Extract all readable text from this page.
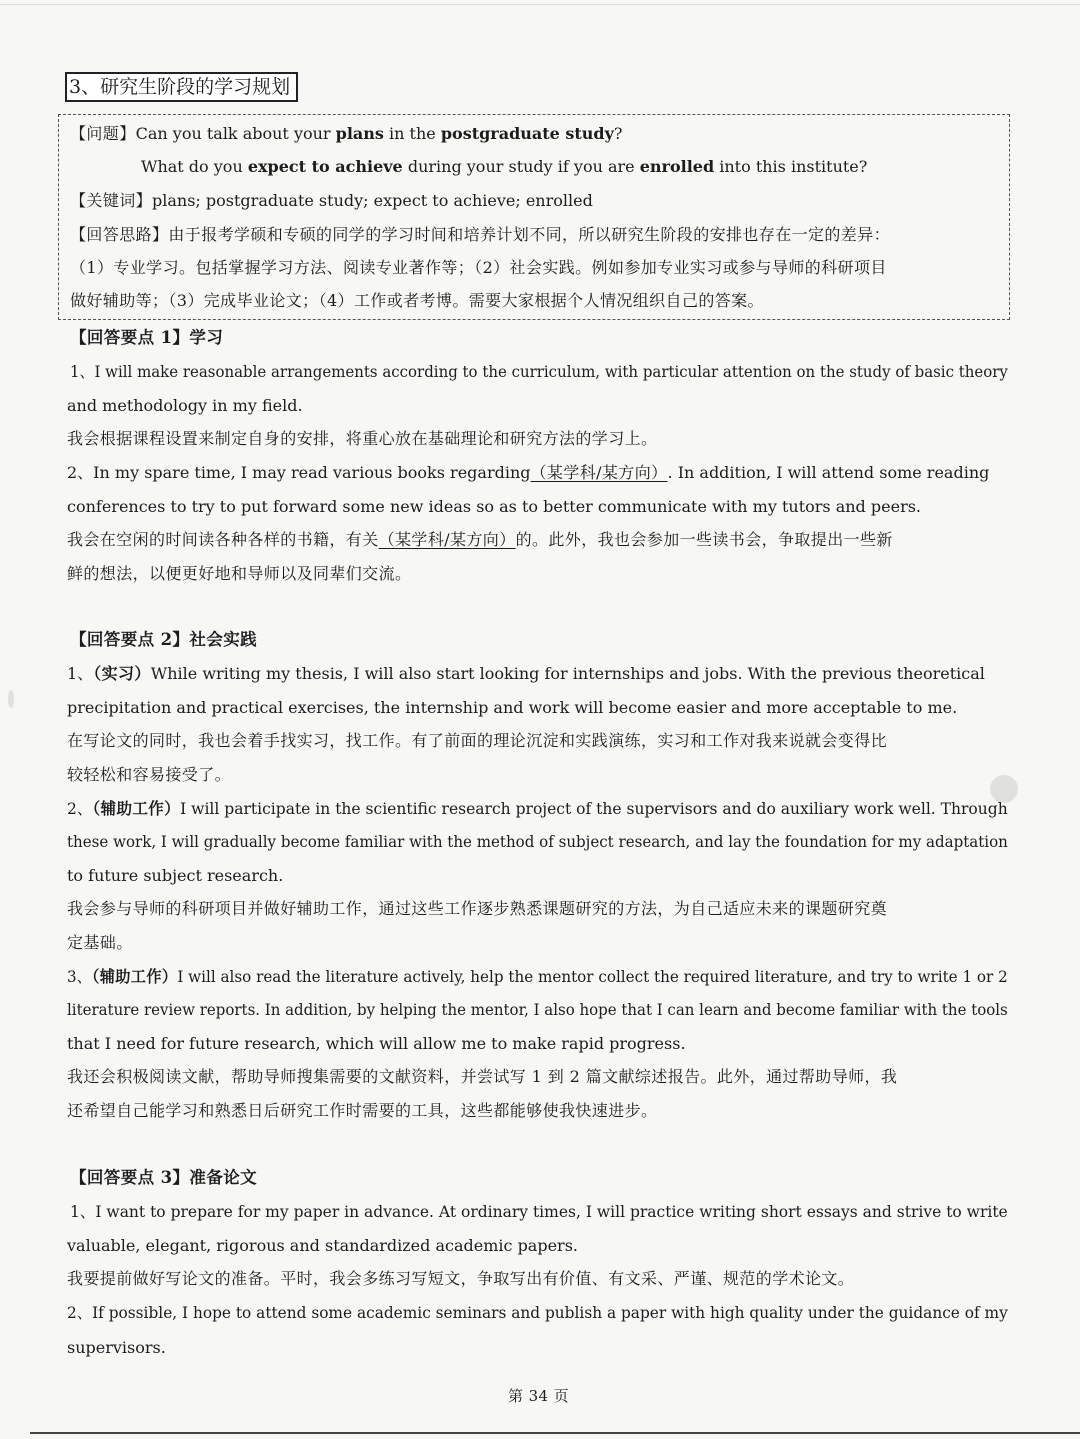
3、研究生阶段的学习规划
【问题】Can you talk about your plans in the postgraduate study?
What do you expect to achieve during your study if you are enrolled into this institute?
【关键词】plans; postgraduate study; expect to achieve; enrolled
【回答思路】由于报考学硕和专硕的同学的学习时间和培养计划不同，所以研究生阶段的安排也存在一定的差异：
（1）专业学习。包括掌握学习方法、阅读专业著作等；（2）社会实践。例如参加专业实习或参与导师的科研项目
做好辅助等；（3）完成毕业论文；（4）工作或者考博。需要大家根据个人情况组织自己的答案。
【回答要点 1】学习
1、I will make reasonable arrangements according to the curriculum, with particular attention on the study of basic theory
and methodology in my field.
我会根据课程设置来制定自身的安排，将重心放在基础理论和研究方法的学习上。
2、In my spare time, I may read various books regarding（某学科/某方向）. In addition, I will attend some reading
conferences to try to put forward some new ideas so as to better communicate with my tutors and peers.
我会在空闲的时间读各种各样的书籍，有关（某学科/某方向）的。此外，我也会参加一些读书会，争取提出一些新
鲜的想法，以便更好地和导师以及同辈们交流。
【回答要点 2】社会实践
1、（实习）While writing my thesis, I will also start looking for internships and jobs. With the previous theoretical
precipitation and practical exercises, the internship and work will become easier and more acceptable to me.
在写论文的同时，我也会着手找实习，找工作。有了前面的理论沉淀和实践演练，实习和工作对我来说就会变得比
较轻松和容易接受了。
2、（辅助工作）I will participate in the scientific research project of the supervisors and do auxiliary work well. Through
these work, I will gradually become familiar with the method of subject research, and lay the foundation for my adaptation
to future subject research.
我会参与导师的科研项目并做好辅助工作，通过这些工作逐步熟悉课题研究的方法，为自己适应未来的课题研究奠
定基础。
3、（辅助工作）I will also read the literature actively, help the mentor collect the required literature, and try to write 1 or 2
literature review reports. In addition, by helping the mentor, I also hope that I can learn and become familiar with the tools
that I need for future research, which will allow me to make rapid progress.
我还会积极阅读文献，帮助导师搜集需要的文献资料，并尝试写 1 到 2 篇文献综述报告。此外，通过帮助导师，我
还希望自己能学习和熟悉日后研究工作时需要的工具，这些都能够使我快速进步。
【回答要点 3】准备论文
1、I want to prepare for my paper in advance. At ordinary times, I will practice writing short essays and strive to write
valuable, elegant, rigorous and standardized academic papers.
我要提前做好写论文的准备。平时，我会多练习写短文，争取写出有价值、有文采、严谨、规范的学术论文。
2、If possible, I hope to attend some academic seminars and publish a paper with high quality under the guidance of my
supervisors.
第 34 页
